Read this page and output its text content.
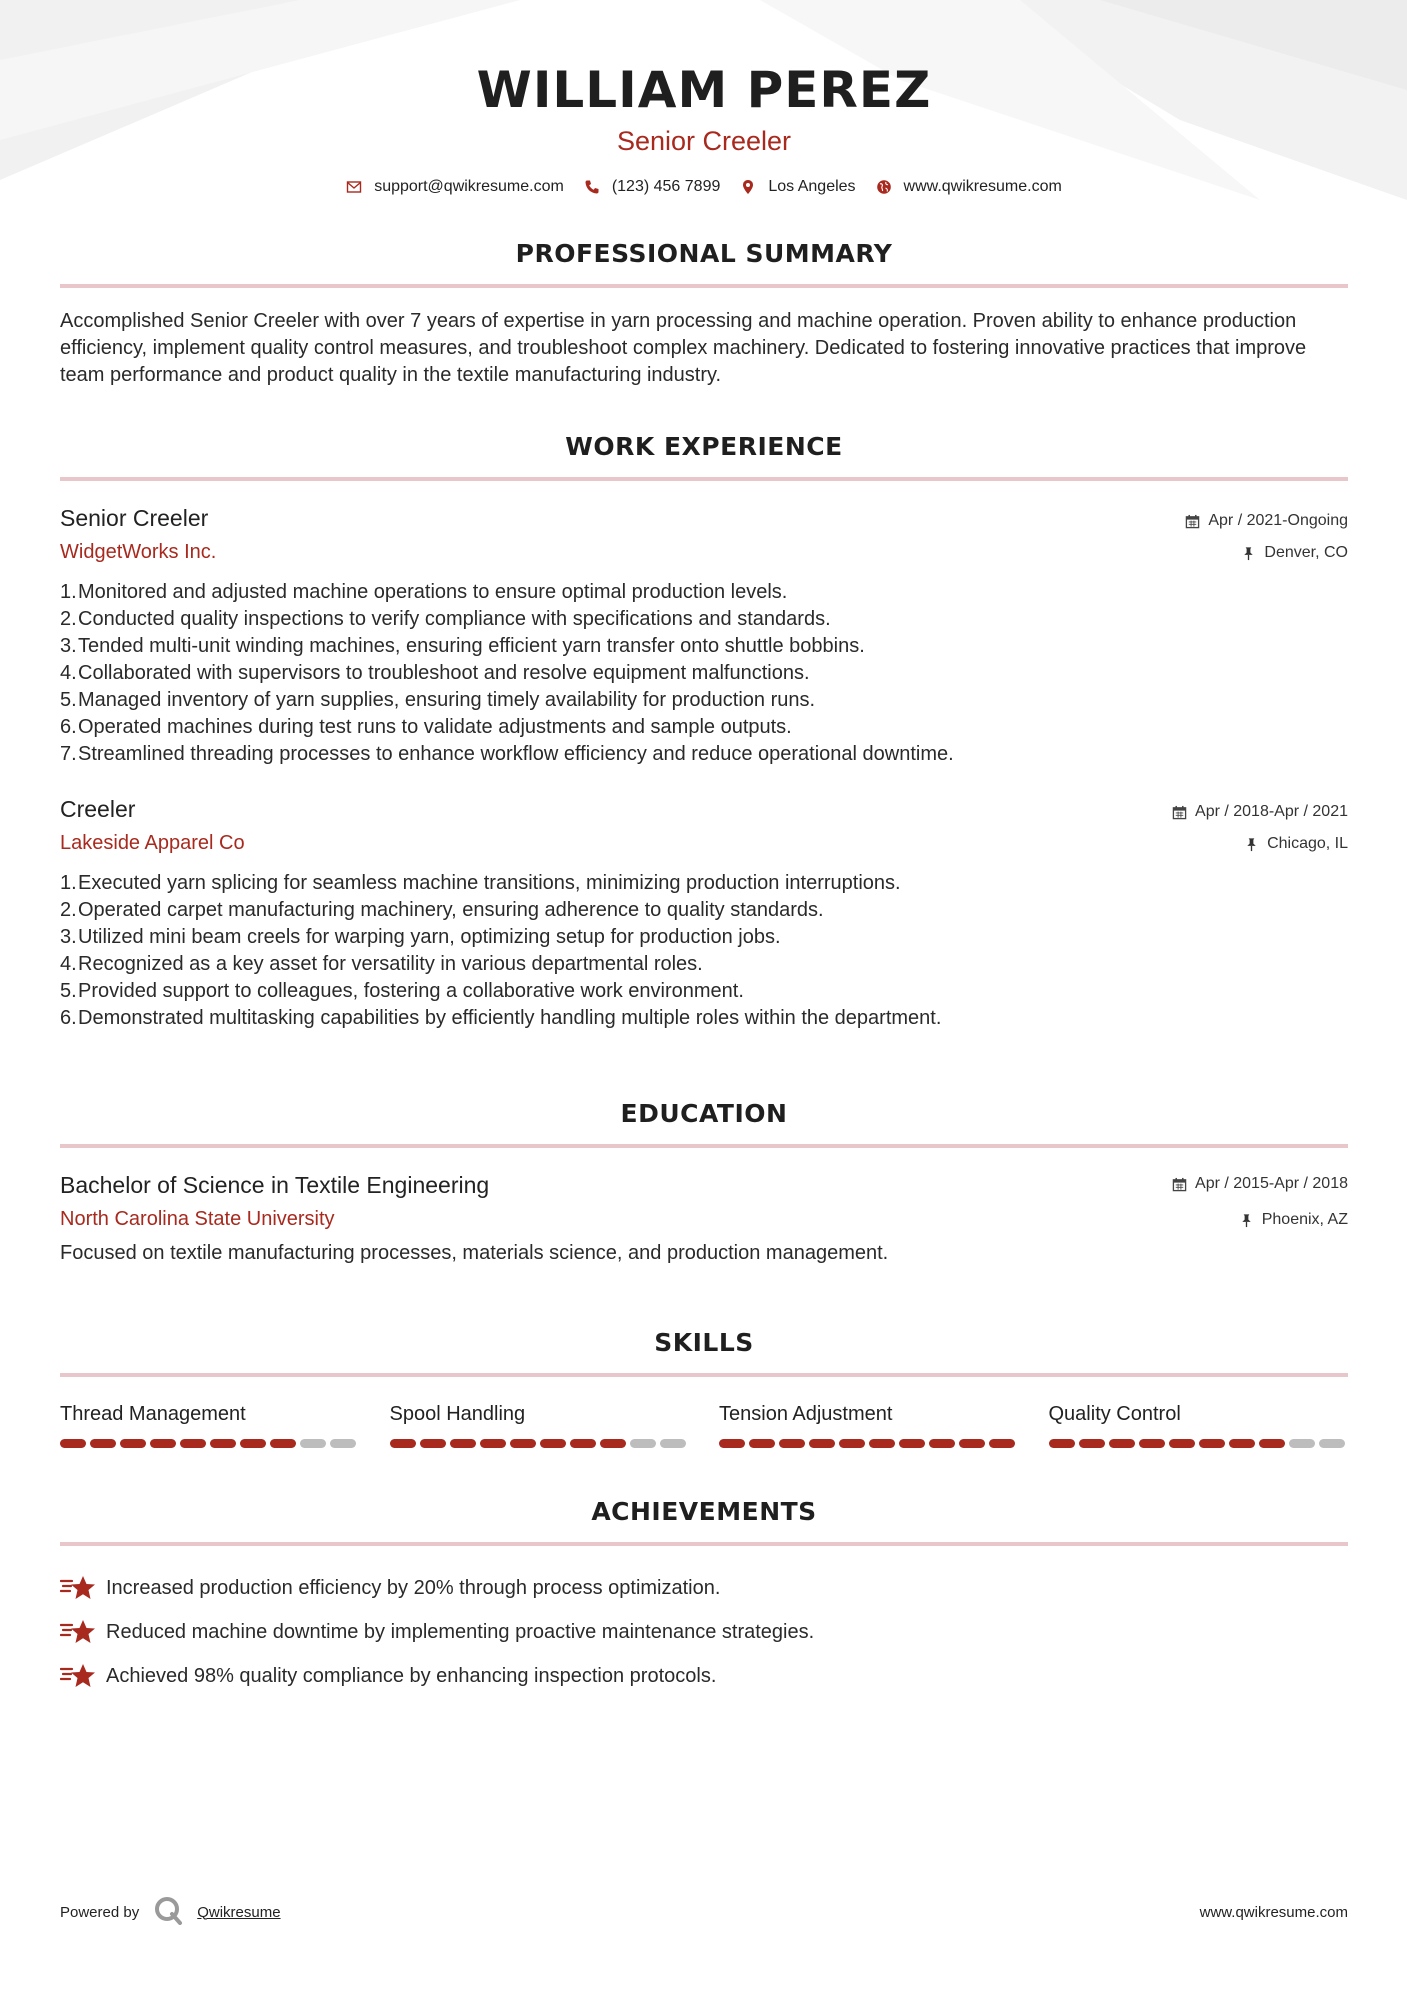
WILLIAM PEREZ
Senior Creeler
support@qwikresume.com	(123) 456 7899	Los Angeles	www.qwikresume.com
PROFESSIONAL SUMMARY

Accomplished Senior Creeler with over 7 years of expertise in yarn processing and machine operation. Proven ability to enhance production efficiency, implement quality control measures, and troubleshoot complex machinery. Dedicated to fostering innovative practices that improve team performance and product quality in the textile manufacturing industry.

WORK EXPERIENCE
Senior Creeler
WidgetWorks Inc.
Apr / 2021-Ongoing
Denver, CO
1. Monitored and adjusted machine operations to ensure optimal production levels.
2. Conducted quality inspections to verify compliance with specifications and standards.
3. Tended multi-unit winding machines, ensuring efficient yarn transfer onto shuttle bobbins.
4. Collaborated with supervisors to troubleshoot and resolve equipment malfunctions.
5. Managed inventory of yarn supplies, ensuring timely availability for production runs.
6. Operated machines during test runs to validate adjustments and sample outputs.
7. Streamlined threading processes to enhance workflow efficiency and reduce operational downtime.
Creeler
Lakeside Apparel Co
Apr / 2018-Apr / 2021
Chicago, IL
1. Executed yarn splicing for seamless machine transitions, minimizing production interruptions.
2. Operated carpet manufacturing machinery, ensuring adherence to quality standards.
3. Utilized mini beam creels for warping yarn, optimizing setup for production jobs.
4. Recognized as a key asset for versatility in various departmental roles.
5. Provided support to colleagues, fostering a collaborative work environment.
6. Demonstrated multitasking capabilities by efficiently handling multiple roles within the department.
EDUCATION
Bachelor of Science in Textile Engineering
North Carolina State University
Apr / 2015-Apr / 2018
Phoenix, AZ

Focused on textile manufacturing processes, materials science, and production management.

SKILLS
Thread Management	Spool Handling	Tension Adjustment	Quality Control
ACHIEVEMENTS
Increased production efficiency by 20% through process optimization.
Reduced machine downtime by implementing proactive maintenance strategies.
Achieved 98% quality compliance by enhancing inspection protocols.
Powered by	Qwikresume	www.qwikresume.com
